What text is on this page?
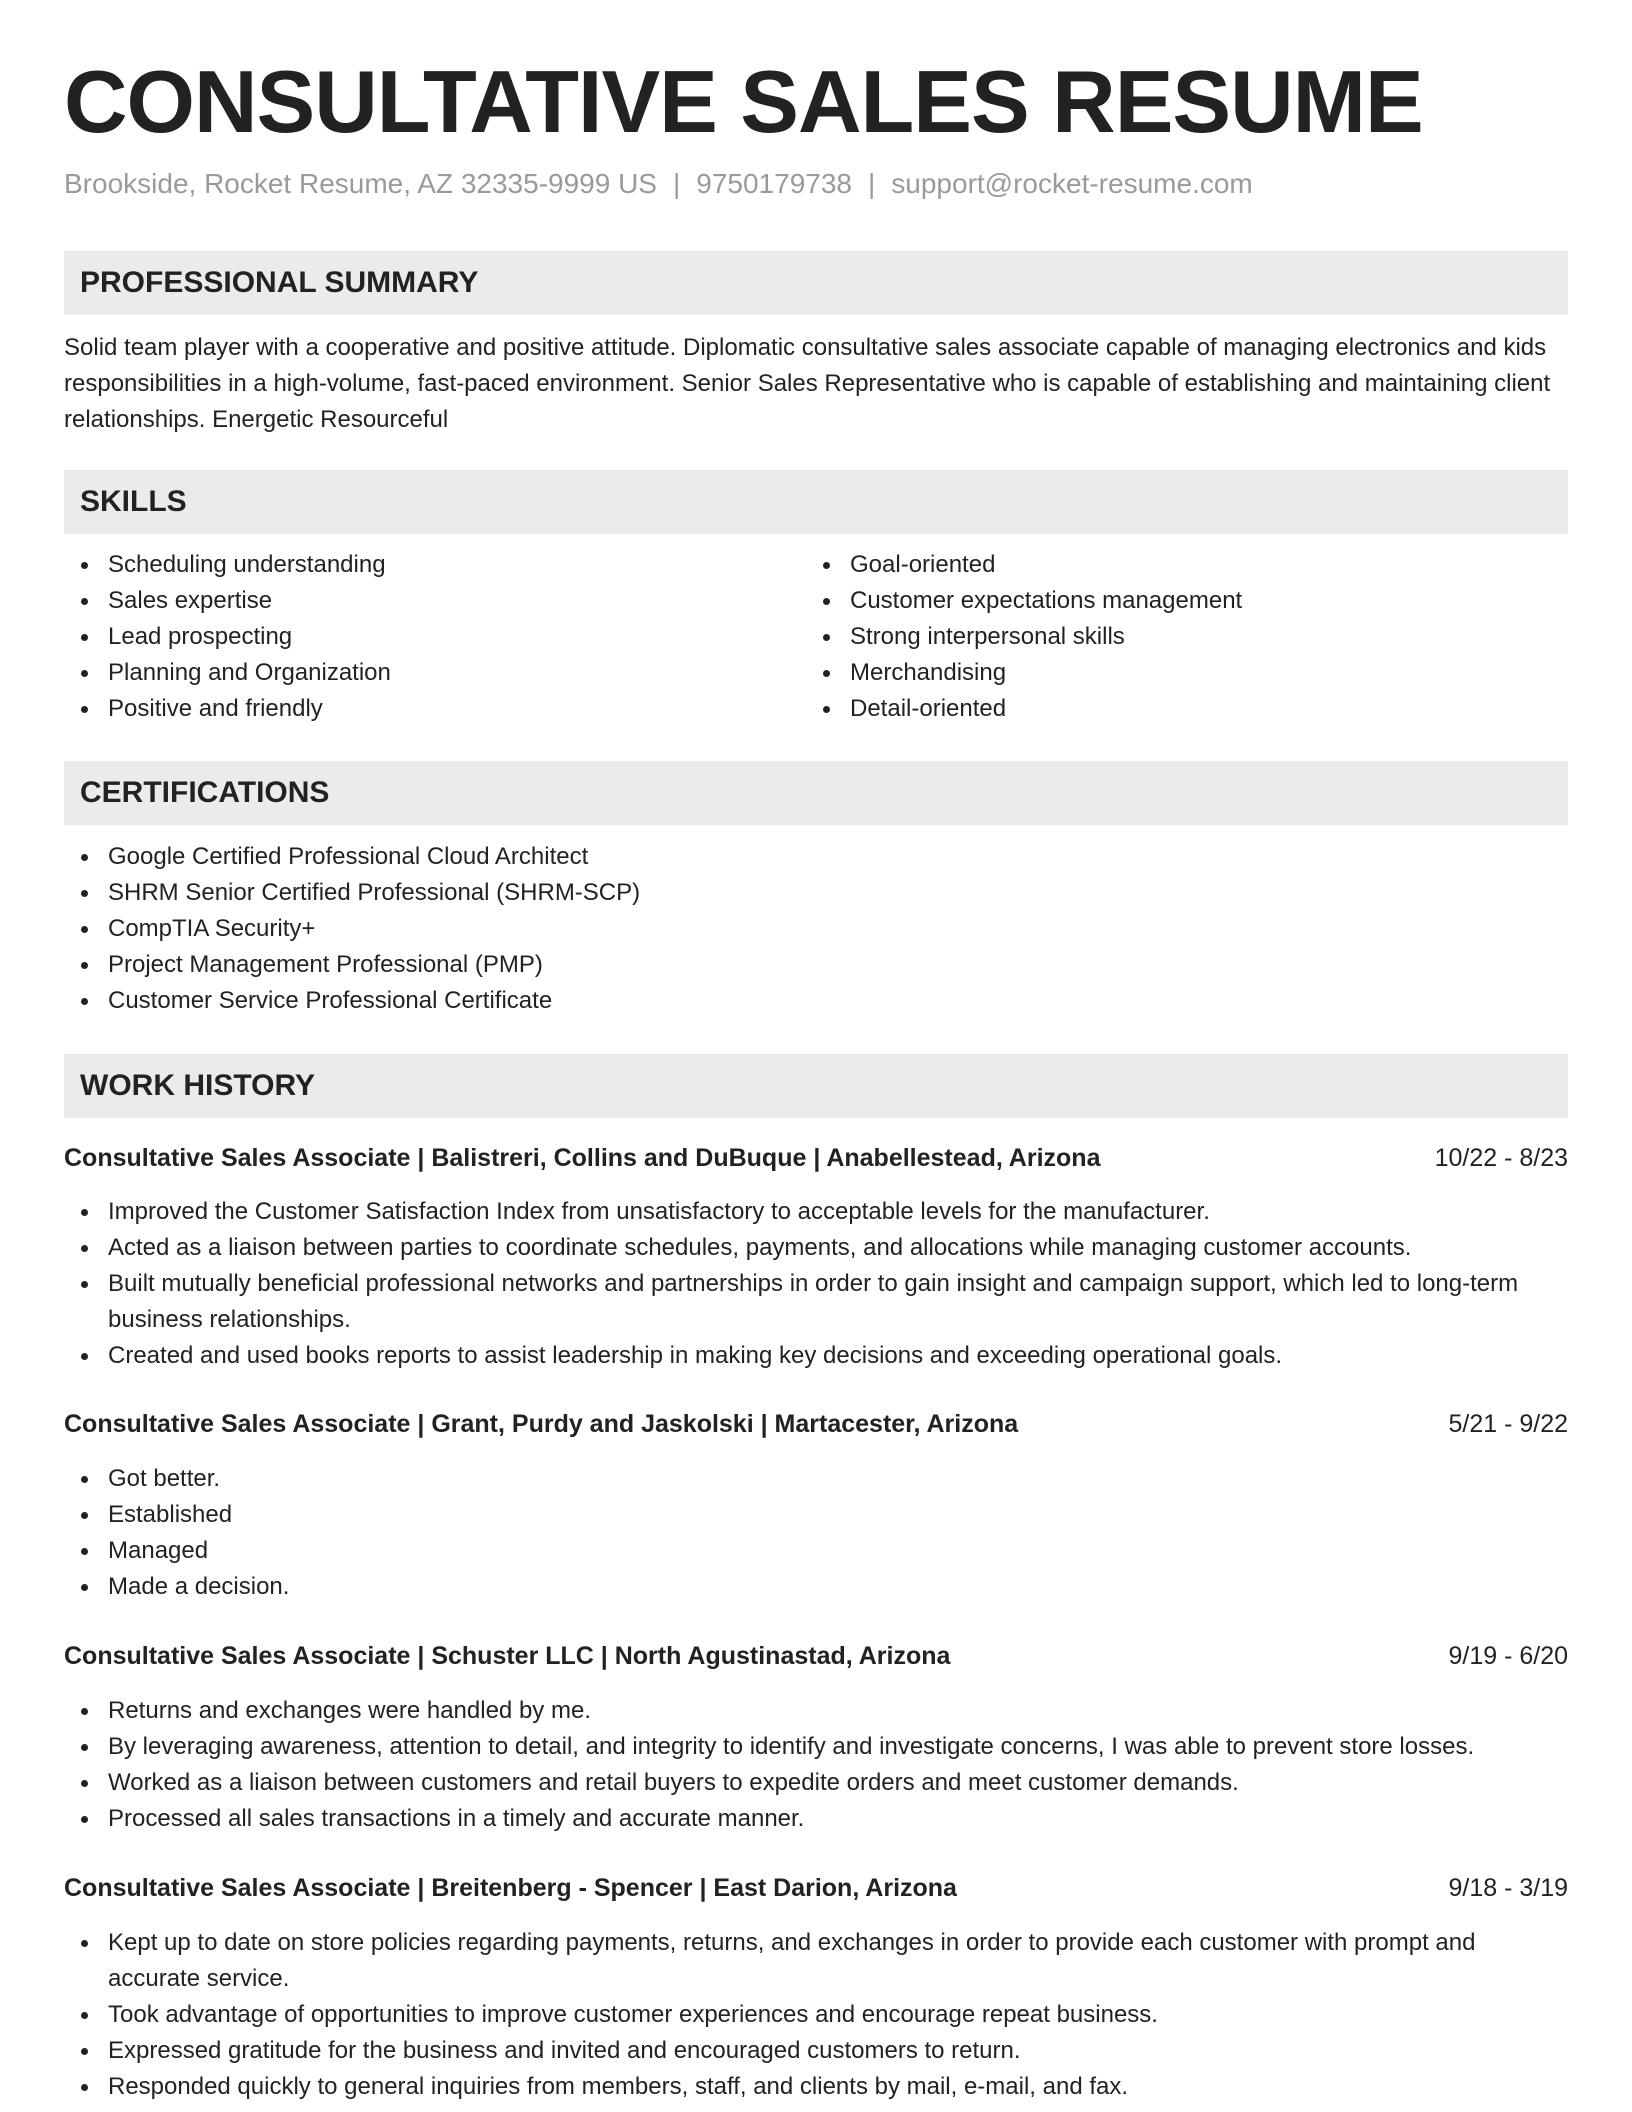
CONSULTATIVE SALES RESUME
Brookside, Rocket Resume, AZ 32335-9999 US | 9750179738 | support@rocket-resume.com
PROFESSIONAL SUMMARY

Solid team player with a cooperative and positive attitude. Diplomatic consultative sales associate capable of managing electronics and kids responsibilities in a high-volume, fast-paced environment. Senior Sales Representative who is capable of establishing and maintaining client relationships. Energetic Resourceful

SKILLS
Scheduling understanding
Sales expertise
Lead prospecting
Planning and Organization
Positive and friendly
Goal-oriented
Customer expectations management
Strong interpersonal skills
Merchandising
Detail-oriented
CERTIFICATIONS
Google Certified Professional Cloud Architect
SHRM Senior Certified Professional (SHRM-SCP)
CompTIA Security+
Project Management Professional (PMP)
Customer Service Professional Certificate
WORK HISTORY
Consultative Sales Associate | Balistreri, Collins and DuBuque | Anabellestead, Arizona	10/22 - 8/23
Improved the Customer Satisfaction Index from unsatisfactory to acceptable levels for the manufacturer.
Acted as a liaison between parties to coordinate schedules, payments, and allocations while managing customer accounts.
Built mutually beneficial professional networks and partnerships in order to gain insight and campaign support, which led to long-term business relationships.
Created and used books reports to assist leadership in making key decisions and exceeding operational goals.
Consultative Sales Associate | Grant, Purdy and Jaskolski | Martacester, Arizona	5/21 - 9/22
Got better.
Established
Managed
Made a decision.
Consultative Sales Associate | Schuster LLC | North Agustinastad, Arizona	9/19 - 6/20
Returns and exchanges were handled by me.
By leveraging awareness, attention to detail, and integrity to identify and investigate concerns, I was able to prevent store losses.
Worked as a liaison between customers and retail buyers to expedite orders and meet customer demands.
Processed all sales transactions in a timely and accurate manner.
Consultative Sales Associate | Breitenberg - Spencer | East Darion, Arizona	9/18 - 3/19
Kept up to date on store policies regarding payments, returns, and exchanges in order to provide each customer with prompt and accurate service.
Took advantage of opportunities to improve customer experiences and encourage repeat business.
Expressed gratitude for the business and invited and encouraged customers to return.
Responded quickly to general inquiries from members, staff, and clients by mail, e-mail, and fax.
